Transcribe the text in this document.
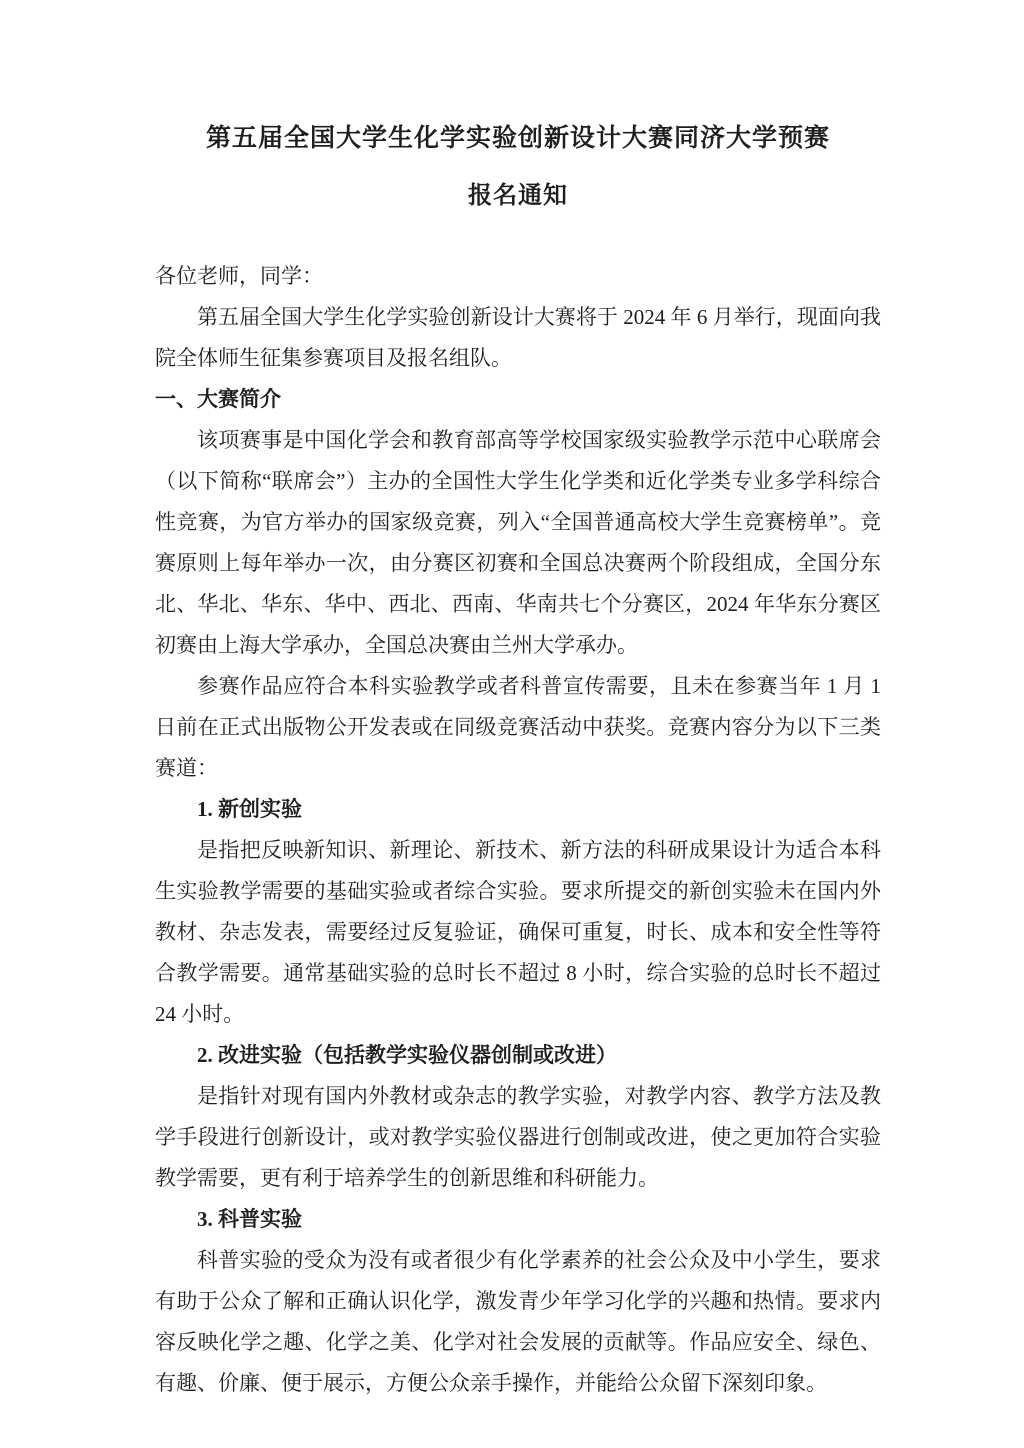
第五届全国大学生化学实验创新设计大赛同济大学预赛
报名通知

各位老师，同学：

第五届全国大学生化学实验创新设计大赛将于 2024 年 6 月举行，现面向我院全体师生征集参赛项目及报名组队。

一、大赛简介

该项赛事是中国化学会和教育部高等学校国家级实验教学示范中心联席会（以下简称“联席会”）主办的全国性大学生化学类和近化学类专业多学科综合性竞赛，为官方举办的国家级竞赛，列入“全国普通高校大学生竞赛榜单”。竞赛原则上每年举办一次，由分赛区初赛和全国总决赛两个阶段组成，全国分东北、华北、华东、华中、西北、西南、华南共七个分赛区，2024 年华东分赛区初赛由上海大学承办，全国总决赛由兰州大学承办。

参赛作品应符合本科实验教学或者科普宣传需要，且未在参赛当年 1 月 1 日前在正式出版物公开发表或在同级竞赛活动中获奖。竞赛内容分为以下三类赛道：

1. 新创实验

是指把反映新知识、新理论、新技术、新方法的科研成果设计为适合本科生实验教学需要的基础实验或者综合实验。要求所提交的新创实验未在国内外教材、杂志发表，需要经过反复验证，确保可重复，时长、成本和安全性等符合教学需要。通常基础实验的总时长不超过 8 小时，综合实验的总时长不超过 24 小时。

2. 改进实验（包括教学实验仪器创制或改进）

是指针对现有国内外教材或杂志的教学实验，对教学内容、教学方法及教学手段进行创新设计，或对教学实验仪器进行创制或改进，使之更加符合实验教学需要，更有利于培养学生的创新思维和科研能力。

3. 科普实验

科普实验的受众为没有或者很少有化学素养的社会公众及中小学生，要求有助于公众了解和正确认识化学，激发青少年学习化学的兴趣和热情。要求内容反映化学之趣、化学之美、化学对社会发展的贡献等。作品应安全、绿色、有趣、价廉、便于展示，方便公众亲手操作，并能给公众留下深刻印象。
